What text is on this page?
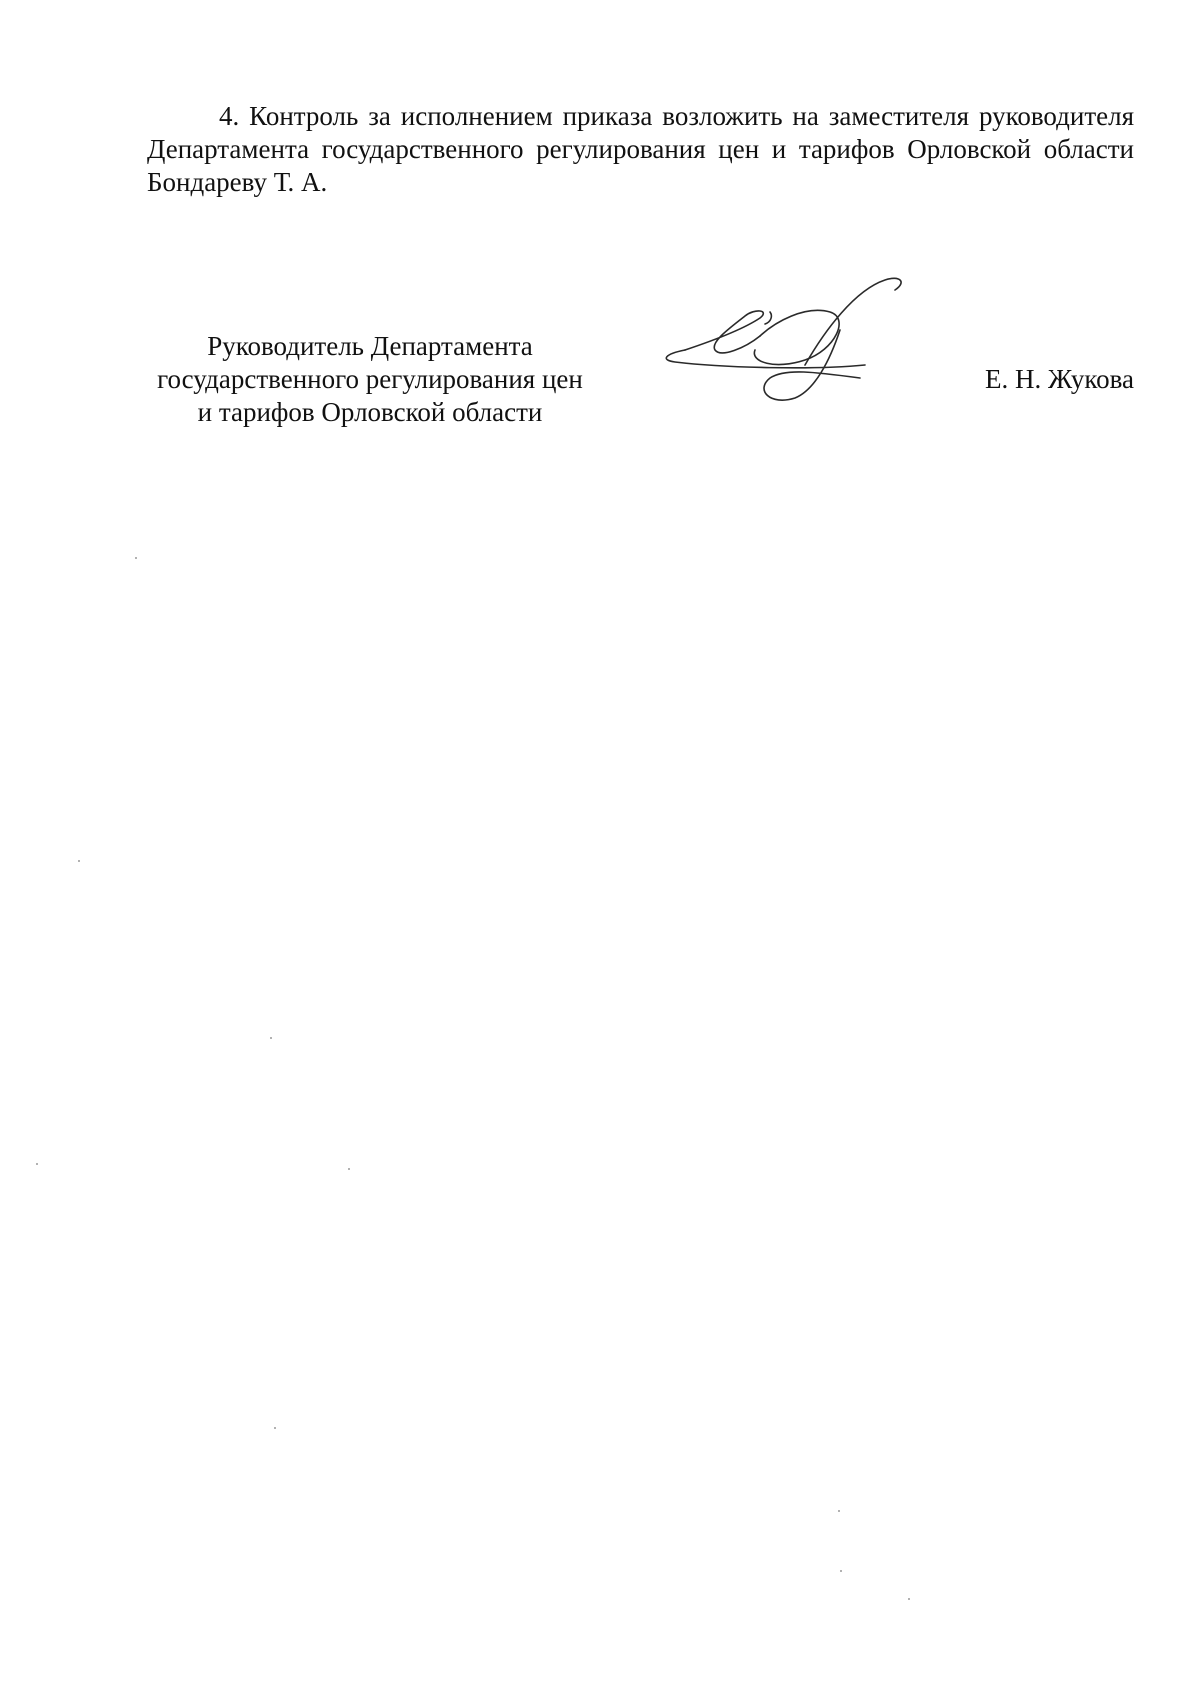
4. Контроль за исполнением приказа возложить на заместителя руководителя Департамента государственного регулирования цен и тарифов Орловской области Бондареву Т. А.

Руководитель Департамента
государственного регулирования цен
и тарифов Орловской области
Е. Н. Жукова
